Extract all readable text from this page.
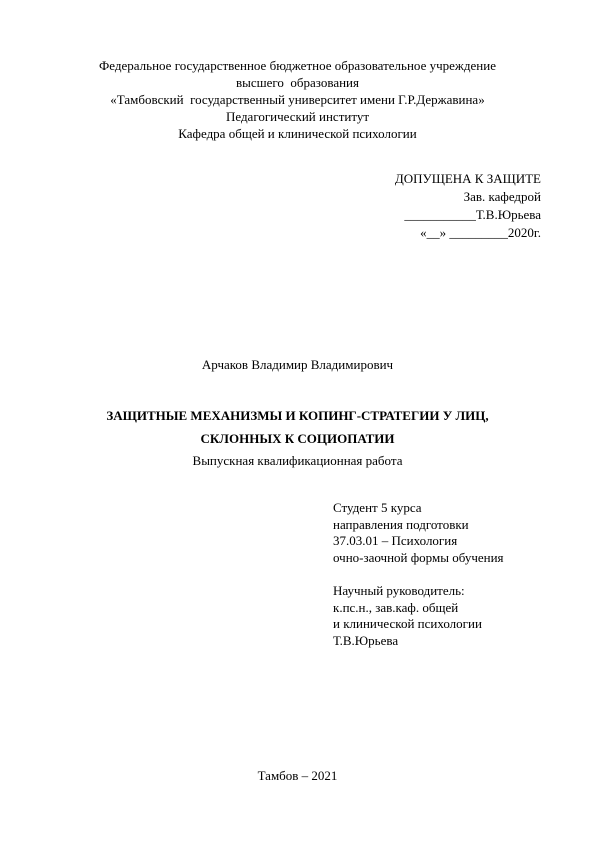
Федеральное государственное бюджетное образовательное учреждение
высшего  образования
«Тамбовский  государственный университет имени Г.Р.Державина»
Педагогический институт
Кафедра общей и клинической психологии
ДОПУЩЕНА К ЗАЩИТЕ
Зав. кафедрой
___________Т.В.Юрьева
«__» _________2020г.
Арчаков Владимир Владимирович
ЗАЩИТНЫЕ МЕХАНИЗМЫ И КОПИНГ-СТРАТЕГИИ У ЛИЦ,
СКЛОННЫХ К СОЦИОПАТИИ
Выпускная квалификационная работа
Студент 5 курса
направления подготовки
37.03.01 – Психология
очно-заочной формы обучения
Научный руководитель:
к.пс.н., зав.каф. общей
и клинической психологии
Т.В.Юрьева
Тамбов – 2021
